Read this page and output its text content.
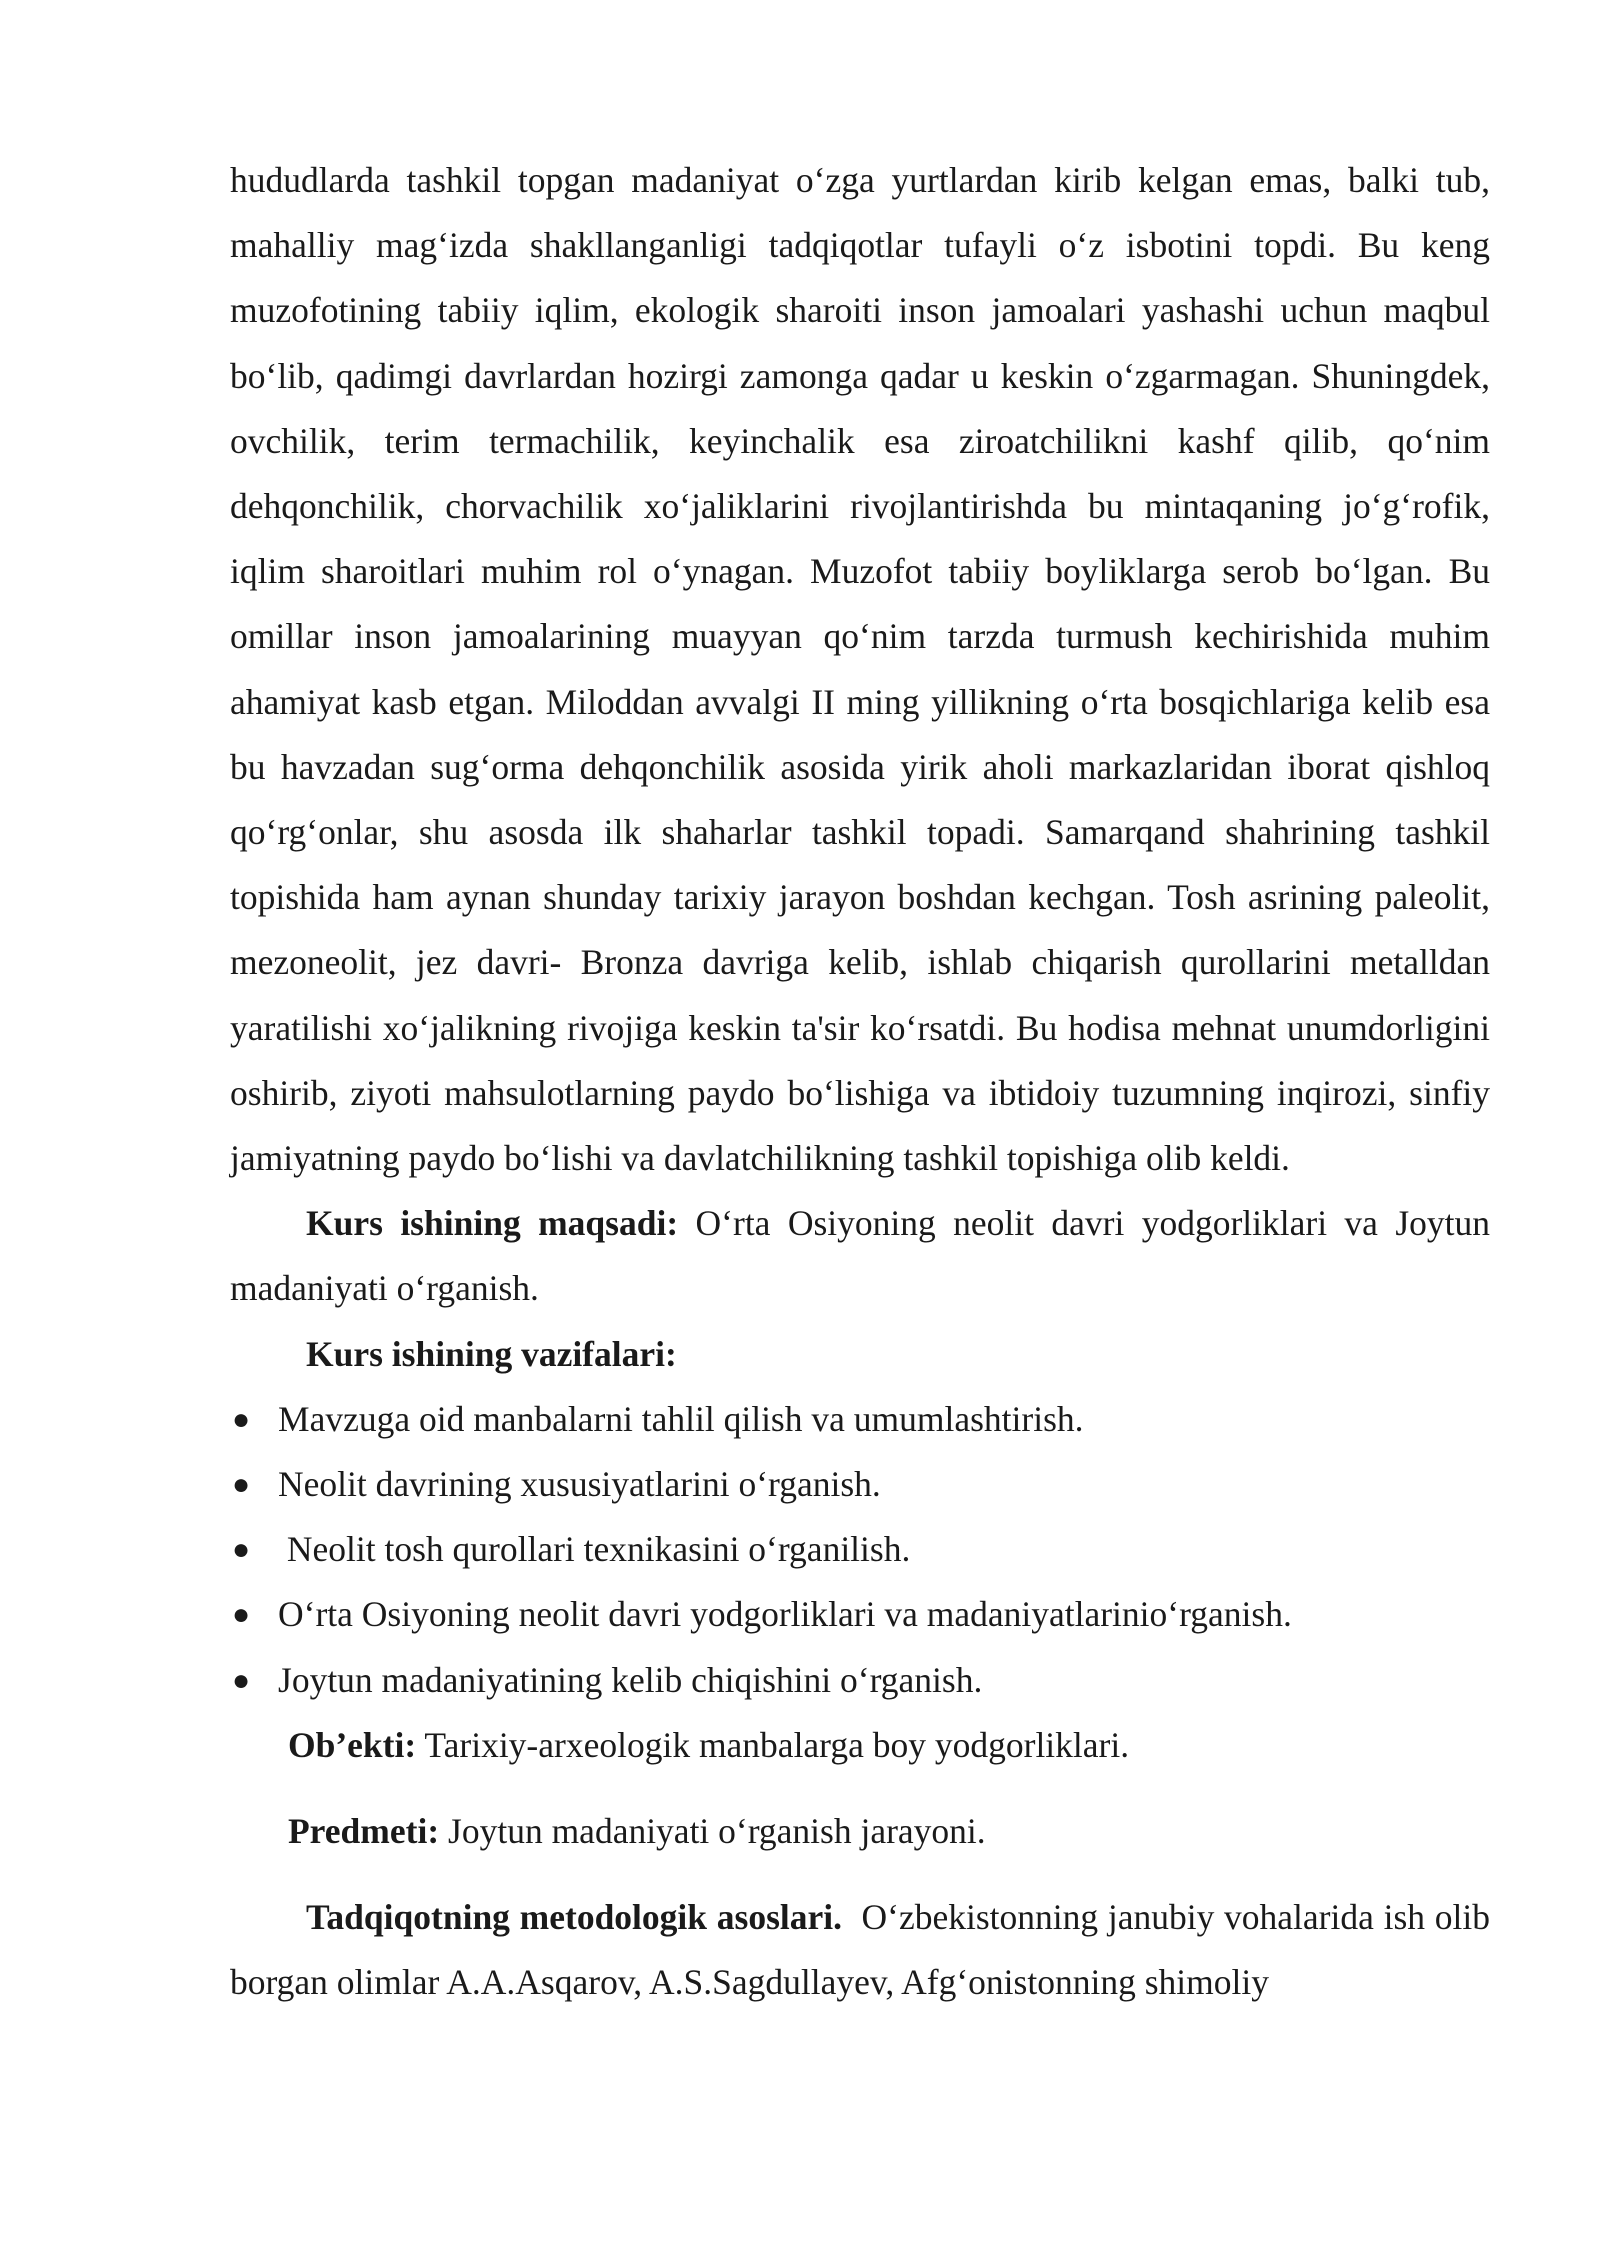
hududlarda tashkil topgan madaniyat oʻzga yurtlardan kirib kelgan emas, balki tub, mahalliy magʻizda shakllanganligi tadqiqotlar tufayli oʻz isbotini topdi. Bu keng muzofotining tabiiy iqlim, ekologik sharoiti inson jamoalari yashashi uchun maqbul boʻlib, qadimgi davrlardan hozirgi zamonga qadar u keskin oʻzgarmagan. Shuningdek, ovchilik, terim termachilik, keyinchalik esa ziroatchilikni kashf qilib, qoʻnim dehqonchilik, chorvachilik xoʻjaliklarini rivojlantirishda bu mintaqaning joʻgʻrofik, iqlim sharoitlari muhim rol oʻynagan. Muzofot tabiiy boyliklarga serob boʻlgan. Bu omillar inson jamoalarining muayyan qoʻnim tarzda turmush kechirishida muhim ahamiyat kasb etgan. Miloddan avvalgi II ming yillikning oʻrta bosqichlariga kelib esa bu havzadan sugʻorma dehqonchilik asosida yirik aholi markazlaridan iborat qishloq qoʻrgʻonlar, shu asosda ilk shaharlar tashkil topadi. Samarqand shahrining tashkil topishida ham aynan shunday tarixiy jarayon boshdan kechgan. Tosh asrining paleolit, mezoneolit, jez davri- Bronza davriga kelib, ishlab chiqarish qurollarini metalldan yaratilishi xoʻjalikning rivojiga keskin ta'sir koʻrsatdi. Bu hodisa mehnat unumdorligini oshirib, ziyoti mahsulotlarning paydo boʻlishiga va ibtidoiy tuzumning inqirozi, sinfiy jamiyatning paydo boʻlishi va davlatchilikning tashkil topishiga olib keldi.

Kurs ishining maqsadi: Oʻrta Osiyoning neolit davri yodgorliklari va Joytun madaniyati oʻrganish.

Kurs ishining vazifalari:

● Mavzuga oid manbalarni tahlil qilish va umumlashtirish.
● Neolit davrining xususiyatlarini oʻrganish.
● Neolit tosh qurollari texnikasini oʻrganilish.
● Oʻrta Osiyoning neolit davri yodgorliklari va madaniyatlarinioʻrganish.
● Joytun madaniyatining kelib chiqishini oʻrganish.

Ob’ekti: Tarixiy-arxeologik manbalarga boy yodgorliklari.

Predmeti: Joytun madaniyati oʻrganish jarayoni.

Tadqiqotning metodologik asoslari.  Oʻzbekistonning janubiy vohalarida ish olib borgan olimlar A.A.Asqarov, A.S.Sagdullayev, Afgʻonistonning shimoliy
